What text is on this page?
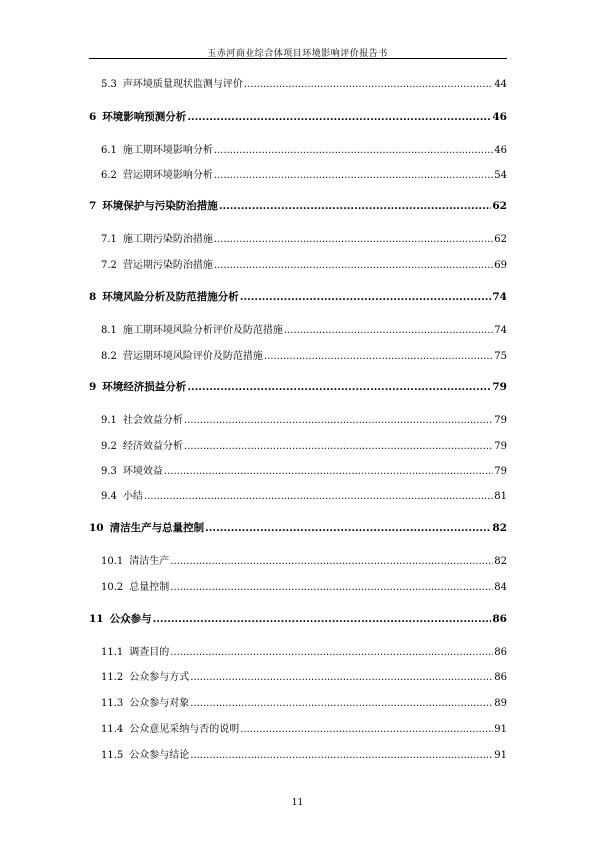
玉赤河商业综合体项目环境影响评价报告书
5.3 声环境质量现状监测与评价 .....	44
6 环境影响预测分析 .....	46
6.1 施工期环境影响分析 .....	46
6.2 营运期环境影响分析 .....	54
7 环境保护与污染防治措施 .....	62
7.1 施工期污染防治措施 .....	62
7.2 营运期污染防治措施 .....	69
8 环境风险分析及防范措施分析 .....	74
8.1 施工期环境风险分析评价及防范措施 .....	74
8.2 营运期环境风险评价及防范措施 .....	75
9 环境经济损益分析 .....	79
9.1 社会效益分析 .....	79
9.2 经济效益分析 .....	79
9.3 环境效益 .....	79
9.4 小结 .....	81
10 清洁生产与总量控制 .....	82
10.1 清洁生产 .....	82
10.2 总量控制 .....	84
11 公众参与 .....	86
11.1 调查目的 .....	86
11.2 公众参与方式 .....	86
11.3 公众参与对象 .....	89
11.4 公众意见采纳与否的说明 .....	91
11.5 公众参与结论 .....	91
11
